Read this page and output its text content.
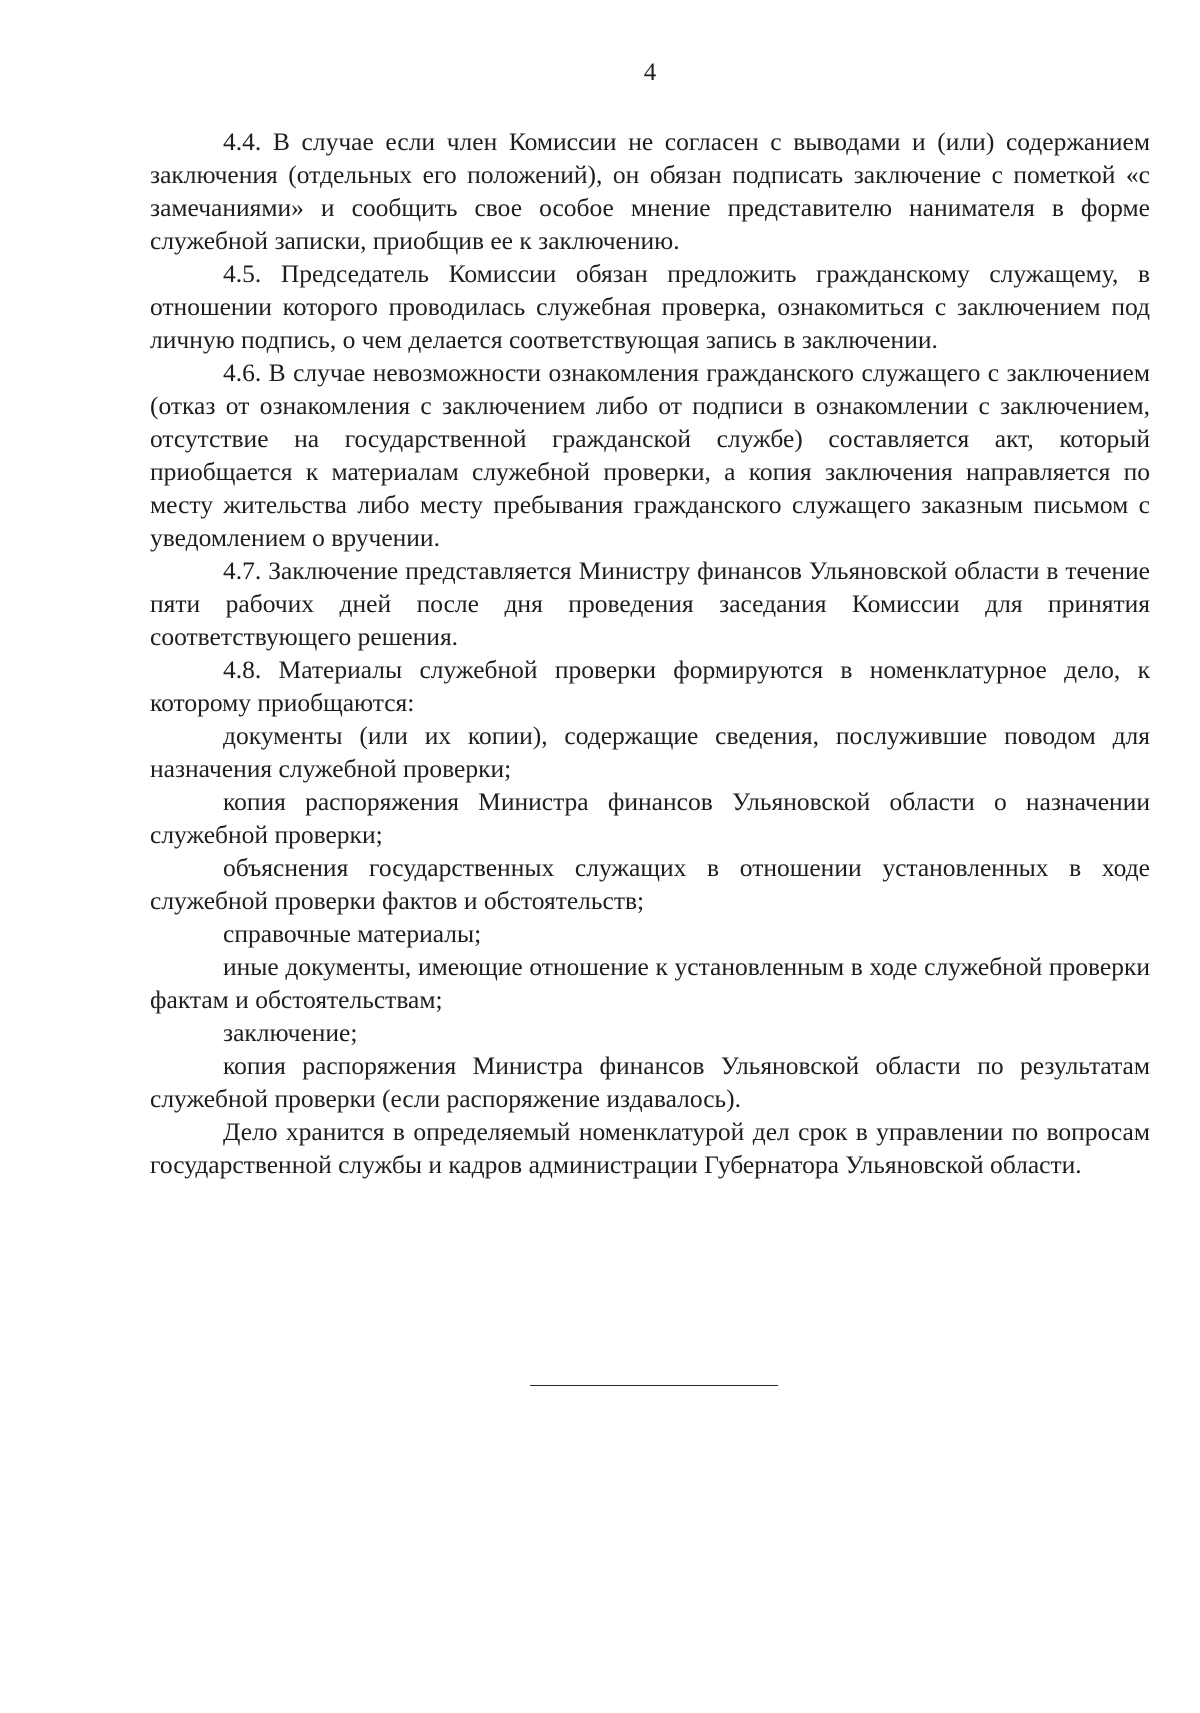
4

4.4. В случае если член Комиссии не согласен с выводами и (или) содержанием заключения (отдельных его положений), он обязан подписать заключение с пометкой «с замечаниями» и сообщить свое особое мнение представителю нанимателя в форме служебной записки, приобщив ее к заключению.

4.5. Председатель Комиссии обязан предложить гражданскому служащему, в отношении которого проводилась служебная проверка, ознакомиться с заключением под личную подпись, о чем делается соответствующая запись в заключении.

4.6. В случае невозможности ознакомления гражданского служащего с заключением (отказ от ознакомления с заключением либо от подписи в ознакомлении с заключением, отсутствие на государственной гражданской службе) составляется акт, который приобщается к материалам служебной проверки, а копия заключения направляется по месту жительства либо месту пребывания гражданского служащего заказным письмом с уведомлением о вручении.

4.7. Заключение представляется Министру финансов Ульяновской области в течение пяти рабочих дней после дня проведения заседания Комиссии для принятия соответствующего решения.

4.8. Материалы служебной проверки формируются в номенклатурное дело, к которому приобщаются:

документы (или их копии), содержащие сведения, послужившие поводом для назначения служебной проверки;

копия распоряжения Министра финансов Ульяновской области о назначении служебной проверки;

объяснения государственных служащих в отношении установленных в ходе служебной проверки фактов и обстоятельств;

справочные материалы;

иные документы, имеющие отношение к установленным в ходе служебной проверки фактам и обстоятельствам;

заключение;

копия распоряжения Министра финансов Ульяновской области по результатам служебной проверки (если распоряжение издавалось).

Дело хранится в определяемый номенклатурой дел срок в управлении по вопросам государственной службы и кадров администрации Губернатора Ульяновской области.
